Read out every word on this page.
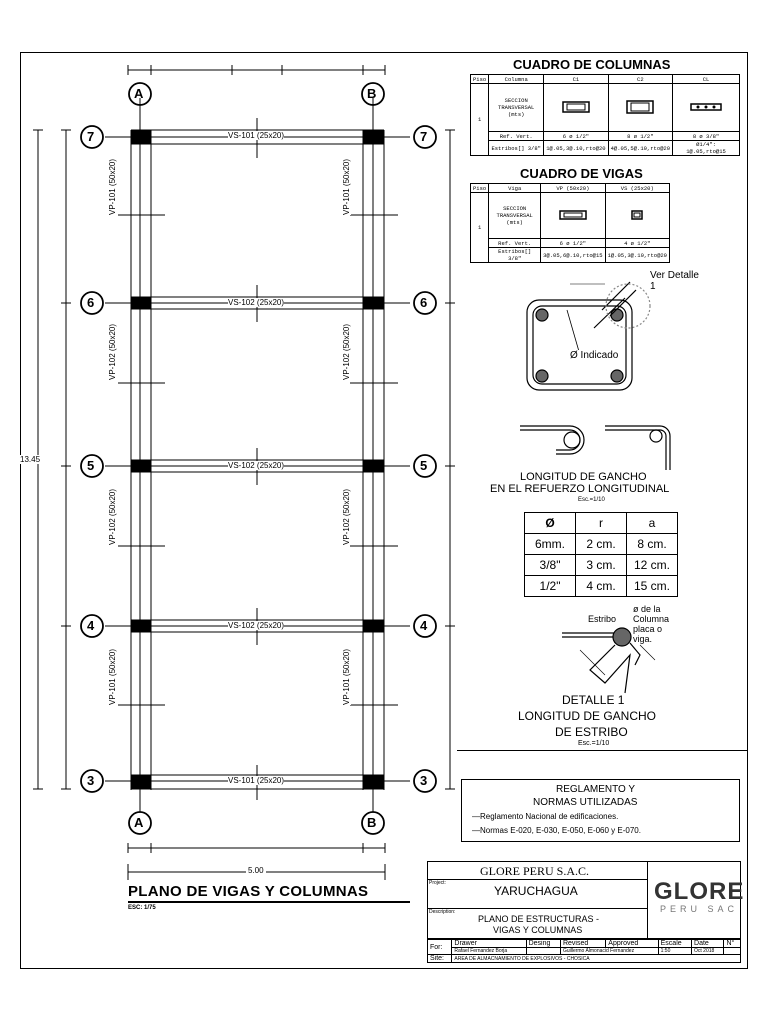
A	B
A	B
7
6
5
4
3
7
6
5
4
3
VS-101 (25x20)
VS-102 (25x20)
VS-102 (25x20)
VS-102 (25x20)
VS-101 (25x20)
VP-101 (50x20)
VP-102 (50x20)
VP-102 (50x20)
VP-101 (50x20)
VP-101 (50x20)
VP-102 (50x20)
VP-102 (50x20)
VP-101 (50x20)
13.45
5.00
PLANO DE VIGAS Y COLUMNAS
ESC: 1/75
CUADRO DE COLUMNAS
Piso	Columna	C1	C2	CL
1	SECCION TRANSVERSAL (mts)			
	Ref. Vert.	6 ø 1/2"	8 ø 1/2"	8 ø 3/8"
	Estribos[] 3/8"	1@.05,3@.10,rto@20	4@.05,5@.10,rto@20	Ø1/4": 1@.05,rto@15
CUADRO DE VIGAS
Piso	Viga	VP (50x20)	VS (25x20)
1	SECCION TRANSVERSAL (mts)		
	Ref. Vert.	6 ø 1/2"	4 ø 1/2"
	Estribos[] 3/8"	3@.05,6@.10,rto@15	1@.05,3@.10,rto@20
Ver Detalle 1
Ø Indicado
LONGITUD DE GANCHO
EN EL REFUERZO LONGITUDINAL
Esc.=1/10
Ø	r	a
6mm.	2 cm.	8 cm.
3/8"	3 cm.	12 cm.
1/2"	4 cm.	15 cm.
Estribo
ø de la Columna placa o viga.
DETALLE 1
LONGITUD DE GANCHO
DE ESTRIBO
Esc.=1/10
REGLAMENTO Y
NORMAS UTILIZADAS
—Reglamento Nacional de edificaciones.
—Normas E-020, E-030, E-050, E-060 y E-070.
GLORE PERU S.A.C.
Project:
YARUCHAGUA
Description:
PLANO DE ESTRUCTURAS -
VIGAS Y COLUMNAS
GLORE
PERU SAC
For:	Drawer	Desing	Revised	Approved	Escale	Date	N°
	Rafael Fernandez Borja		Guillermo Almonacid Fernandez		1:50	Oct 2018	
Site:	AREA DE ALMACNAMIENTO DE EXPLOSIVOS - CHOSICA						
